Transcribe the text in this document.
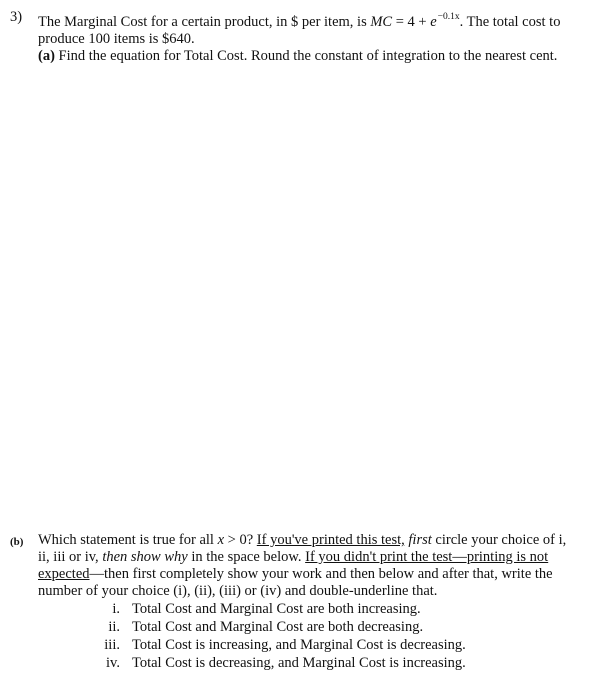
3) The Marginal Cost for a certain product, in $ per item, is MC = $4 + e^{-0.1x}$. The total cost to
produce 100 items is $640.
(a) Find the equation for Total Cost. Round the constant of integration to the nearest cent.
(b) Which statement is true for all x > 0? If you've printed this test, first circle your choice of i,
ii, iii or iv, then show why in the space below. If you didn't print the test—printing is not
expected—then first completely show your work and then below and after that, write the
number of your choice (i), (ii), (iii) or (iv) and double-underline that.
i. Total Cost and Marginal Cost are both increasing.
ii. Total Cost and Marginal Cost are both decreasing.
iii. Total Cost is increasing, and Marginal Cost is decreasing.
iv. Total Cost is decreasing, and Marginal Cost is increasing.
